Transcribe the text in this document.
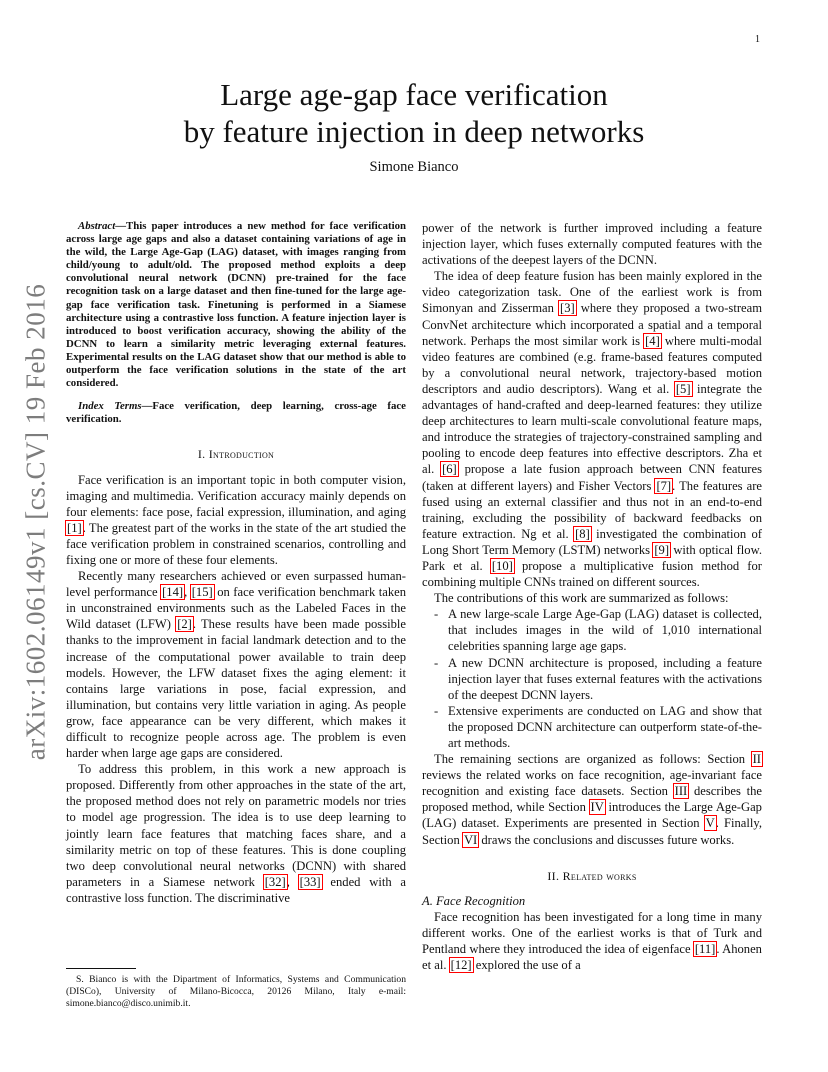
1
arXiv:1602.06149v1 [cs.CV] 19 Feb 2016
Large age-gap face verification
by feature injection in deep networks
Simone Bianco

Abstract—This paper introduces a new method for face verification across large age gaps and also a dataset containing variations of age in the wild, the Large Age-Gap (LAG) dataset, with images ranging from child/young to adult/old. The proposed method exploits a deep convolutional neural network (DCNN) pre-trained for the face recognition task on a large dataset and then fine-tuned for the large age-gap face verification task. Finetuning is performed in a Siamese architecture using a contrastive loss function. A feature injection layer is introduced to boost verification accuracy, showing the ability of the DCNN to learn a similarity metric leveraging external features. Experimental results on the LAG dataset show that our method is able to outperform the face verification solutions in the state of the art considered.

Index Terms—Face verification, deep learning, cross-age face verification.

I. Introduction

Face verification is an important topic in both computer vision, imaging and multimedia. Verification accuracy mainly depends on four elements: face pose, facial expression, illumination, and aging [1]. The greatest part of the works in the state of the art studied the face verification problem in constrained scenarios, controlling and fixing one or more of these four elements.

Recently many researchers achieved or even surpassed human-level performance [14], [15] on face verification benchmark taken in unconstrained environments such as the Labeled Faces in the Wild dataset (LFW) [2]. These results have been made possible thanks to the improvement in facial landmark detection and to the increase of the computational power available to train deep models. However, the LFW dataset fixes the aging element: it contains large variations in pose, facial expression, and illumination, but contains very little variation in aging. As people grow, face appearance can be very different, which makes it difficult to recognize people across age. The problem is even harder when large age gaps are considered.

To address this problem, in this work a new approach is proposed. Differently from other approaches in the state of the art, the proposed method does not rely on parametric models nor tries to model age progression. The idea is to use deep learning to jointly learn face features that matching faces share, and a similarity metric on top of these features. This is done coupling two deep convolutional neural networks (DCNN) with shared parameters in a Siamese network [32], [33] ended with a contrastive loss function. The discriminative

S. Bianco is with the Dipartment of Informatics, Systems and Communication (DISCo), University of Milano-Bicocca, 20126 Milano, Italy e-mail: simone.bianco@disco.unimib.it.

power of the network is further improved including a feature injection layer, which fuses externally computed features with the activations of the deepest layers of the DCNN.

The idea of deep feature fusion has been mainly explored in the video categorization task. One of the earliest work is from Simonyan and Zisserman [3] where they proposed a two-stream ConvNet architecture which incorporated a spatial and a temporal network. Perhaps the most similar work is [4] where multi-modal video features are combined (e.g. frame-based features computed by a convolutional neural network, trajectory-based motion descriptors and audio descriptors). Wang et al. [5] integrate the advantages of hand-crafted and deep-learned features: they utilize deep architectures to learn multi-scale convolutional feature maps, and introduce the strategies of trajectory-constrained sampling and pooling to encode deep features into effective descriptors. Zha et al. [6] propose a late fusion approach between CNN features (taken at different layers) and Fisher Vectors [7]. The features are fused using an external classifier and thus not in an end-to-end training, excluding the possibility of backward feedbacks on feature extraction. Ng et al. [8] investigated the combination of Long Short Term Memory (LSTM) networks [9] with optical flow. Park et al. [10] propose a multiplicative fusion method for combining multiple CNNs trained on different sources.

The contributions of this work are summarized as follows:

- A new large-scale Large Age-Gap (LAG) dataset is collected, that includes images in the wild of 1,010 international celebrities spanning large age gaps.
- A new DCNN architecture is proposed, including a feature injection layer that fuses external features with the activations of the deepest DCNN layers.
- Extensive experiments are conducted on LAG and show that the proposed DCNN architecture can outperform state-of-the-art methods.

The remaining sections are organized as follows: Section II reviews the related works on face recognition, age-invariant face recognition and existing face datasets. Section III describes the proposed method, while Section IV introduces the Large Age-Gap (LAG) dataset. Experiments are presented in Section V. Finally, Section VI draws the conclusions and discusses future works.

II. Related works
A. Face Recognition

Face recognition has been investigated for a long time in many different works. One of the earliest works is that of Turk and Pentland where they introduced the idea of eigenface [11]. Ahonen et al. [12] explored the use of a
